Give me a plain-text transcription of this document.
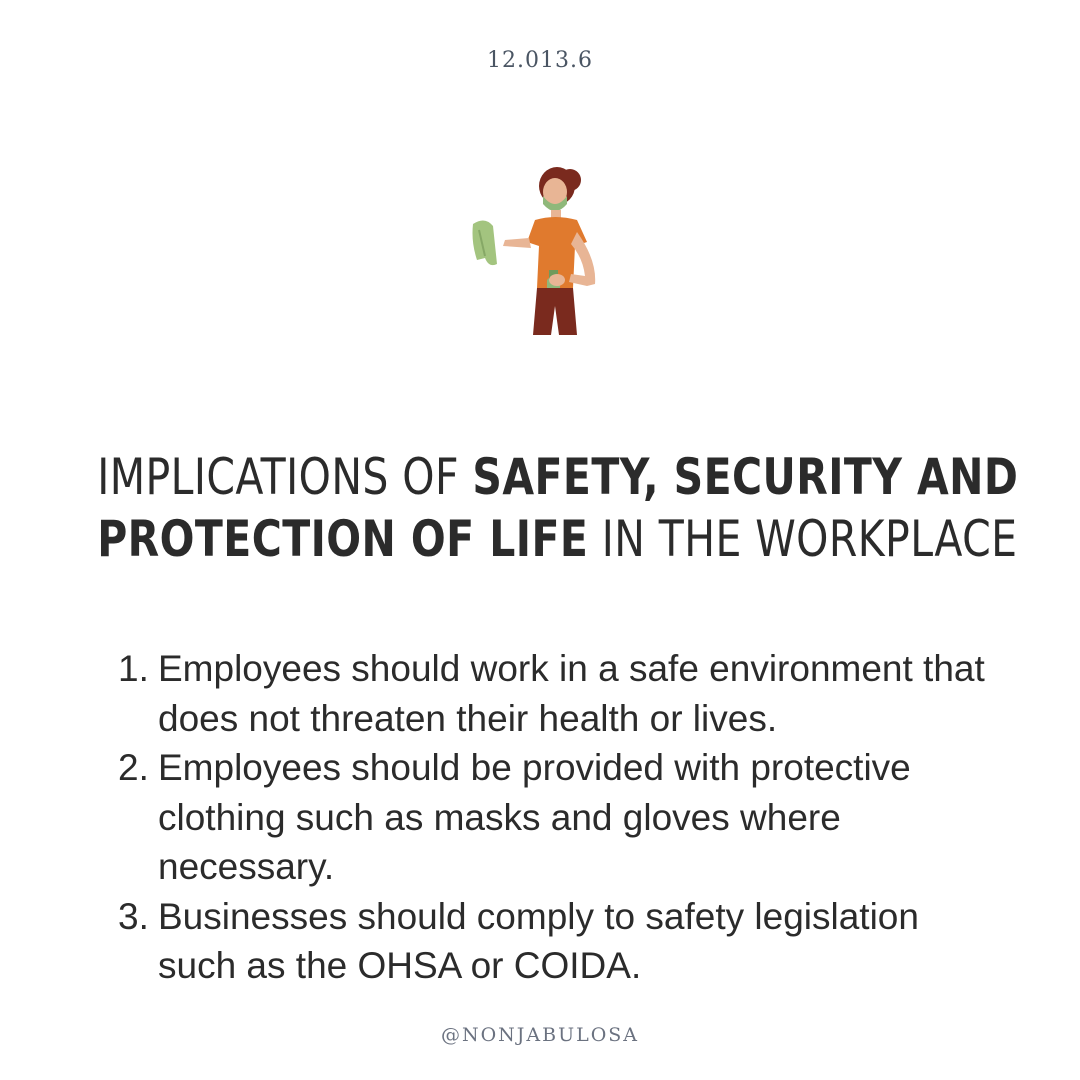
12.013.6
IMPLICATIONS OF SAFETY, SECURITY AND
PROTECTION OF LIFE IN THE WORKPLACE
1. Employees should work in a safe environment that does not threaten their health or lives.
2. Employees should be provided with protective clothing such as masks and gloves where necessary.
3. Businesses should comply to safety legislation such as the OHSA or COIDA.
@NONJABULOSA
